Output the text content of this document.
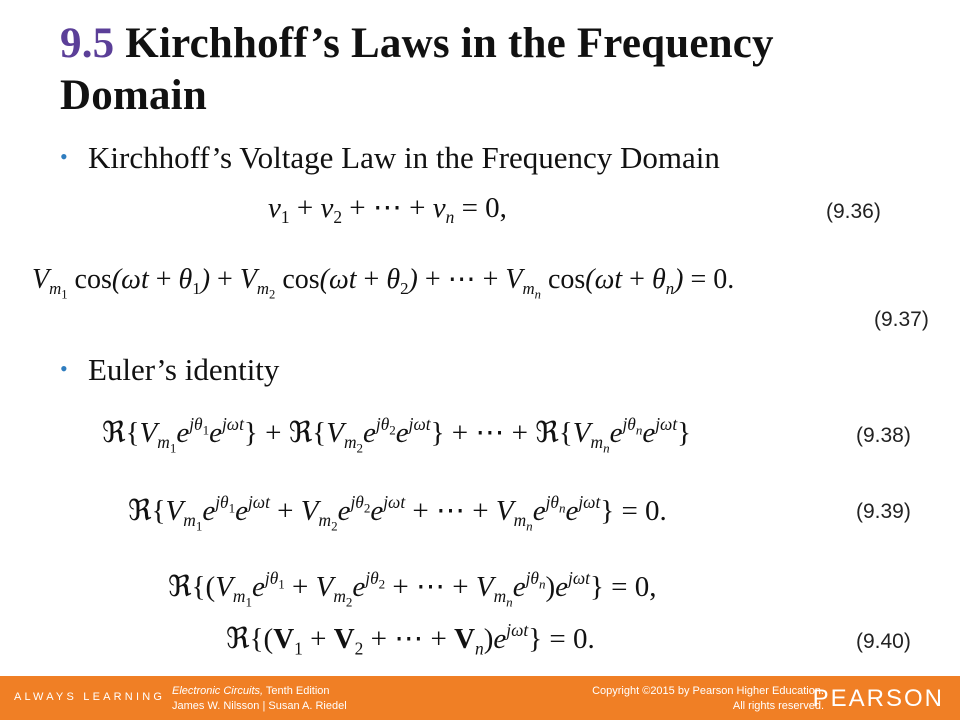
9.5 Kirchhoff’s Laws in the Frequency Domain
• Kirchhoff’s Voltage Law in the Frequency Domain
$v_1 + v_2$ + ⋯ + $v_n = 0$,	(9.36)
$V_{m_1}$ $\cos(\omega t + \theta_1) + V_{m_2}$ $\cos(\omega t + \theta_2)$ + ⋯ + $V_{m_n}$ $\cos(\omega t + \theta_n) = 0$.
(9.37)
• Euler’s identity
$ℜ\{V_{m_1}e^{j\theta_1}e^{j\omega t}\}$ + $ℜ\{V_{m_2}e^{j\theta_2}e^{j\omega t}\}$ + ⋯ + $ℜ\{V_{m_n}e^{j\theta_n}e^{j\omega t}\}$	(9.38)
$ℜ\{V_{m_1}e^{j\theta_1}e^{j\omega t} + V_{m_2}e^{j\theta_2}e^{j\omega t}$ + ⋯ + $V_{m_n}e^{j\theta_n}e^{j\omega t}\} = 0$.	(9.39)
$ℜ\{(V_{m_1}e^{j\theta_1} + V_{m_2}e^{j\theta_2}$ + ⋯ + $V_{m_n}e^{j\theta_n})e^{j\omega t}\} = 0$,
$ℜ\{(V_1 + V_2$ + ⋯ + $V_n)e^{j\omega t}\} = 0$.	(9.40)
ALWAYS LEARNING Electronic Circuits, Tenth Edition
James W. Nilsson | Susan A. Riedel
Copyright ©2015 by Pearson Higher Education.
All rights reserved.
PEARSON
